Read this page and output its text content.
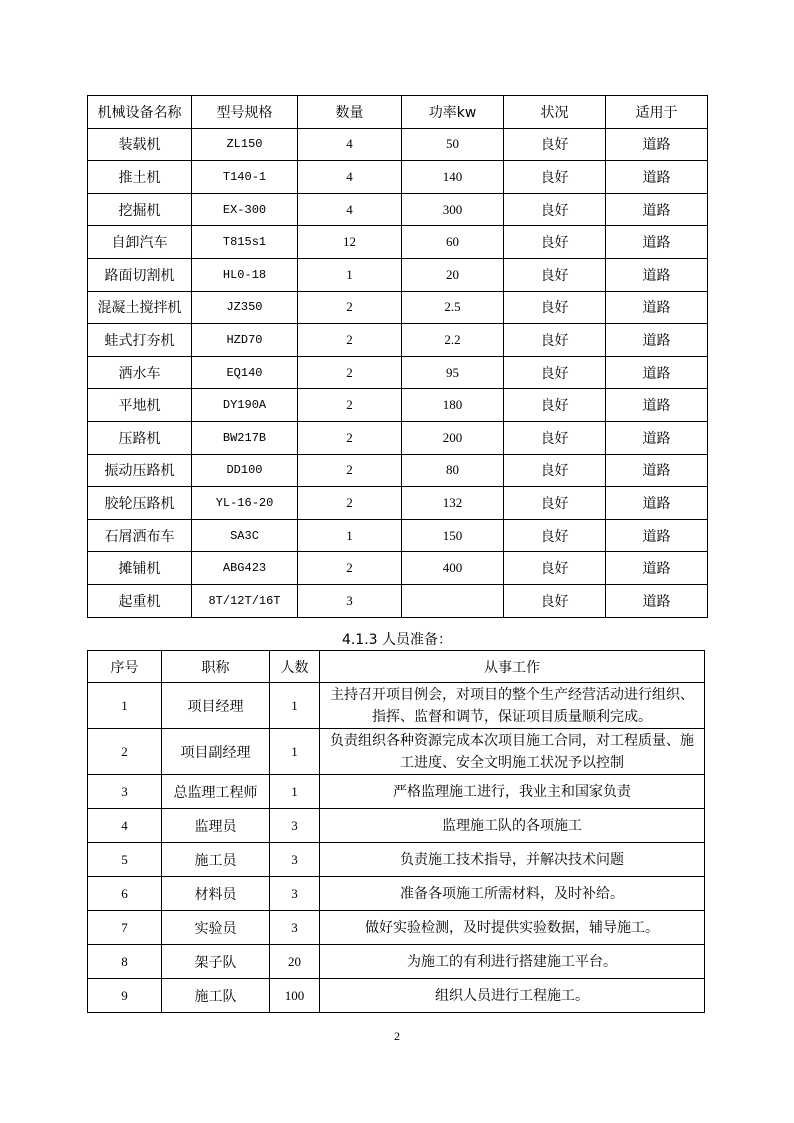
机械设备名称	型号规格	数量	功率kw	状况	适用于
装载机	ZL150	4	50	良好	道路
推土机	T140-1	4	140	良好	道路
挖掘机	EX-300	4	300	良好	道路
自卸汽车	T815s1	12	60	良好	道路
路面切割机	HL0-18	1	20	良好	道路
混凝土搅拌机	JZ350	2	2.5	良好	道路
蛙式打夯机	HZD70	2	2.2	良好	道路
洒水车	EQ140	2	95	良好	道路
平地机	DY190A	2	180	良好	道路
压路机	BW217B	2	200	良好	道路
振动压路机	DD100	2	80	良好	道路
胶轮压路机	YL-16-20	2	132	良好	道路
石屑洒布车	SA3C	1	150	良好	道路
摊铺机	ABG423	2	400	良好	道路
起重机	8T/12T/16T	3		良好	道路
4.1.3 人员准备：
序号	职称	人数	从事工作
1	项目经理	1	主持召开项目例会，对项目的整个生产经营活动进行组织、指挥、监督和调节，保证项目质量顺利完成。
2	项目副经理	1	负责组织各种资源完成本次项目施工合同，对工程质量、施工进度、安全文明施工状况予以控制
3	总监理工程师	1	严格监理施工进行，我业主和国家负责
4	监理员	3	监理施工队的各项施工
5	施工员	3	负责施工技术指导，并解决技术问题
6	材料员	3	准备各项施工所需材料，及时补给。
7	实验员	3	做好实验检测，及时提供实验数据，辅导施工。
8	架子队	20	为施工的有利进行搭建施工平台。
9	施工队	100	组织人员进行工程施工。
2
